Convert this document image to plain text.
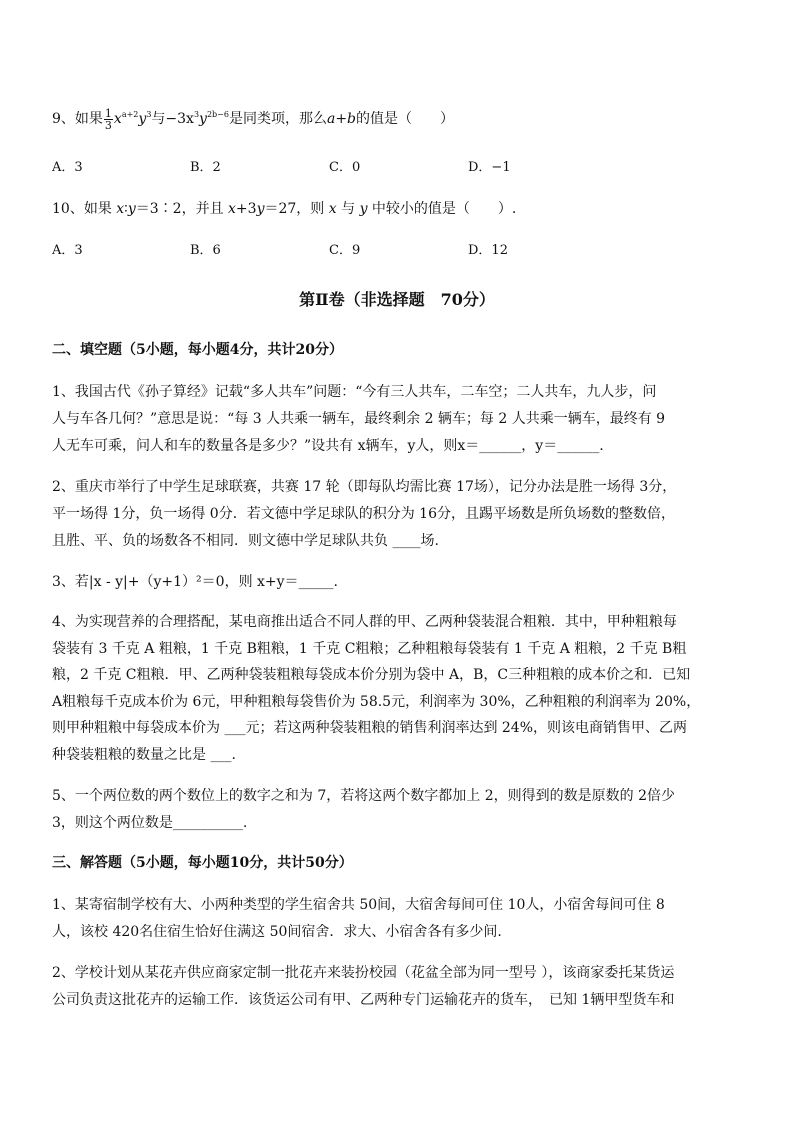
9、如果 $\frac{1}{3} x^{a+2}y^3$与$-3x^3y^{2b-6}$是同类项，那么a+b的值是（　　）
A．3	B．2	C．0	D．−1
10、如果 x∶y＝3∶2，并且 x+3y＝27，则 x 与 y 中较小的值是（　　）.
A．3	B．6	C．9	D．12
第Ⅱ卷（非选择题　70分）
二、填空题（5小题，每小题4分，共计20分）
1、我国古代《孙子算经》记载“多人共车”问题：“今有三人共车，二车空；二人共车，九人步，问
人与车各几何？”意思是说：“每 3 人共乘一辆车，最终剩余 2 辆车；每 2 人共乘一辆车，最终有 9
人无车可乘，问人和车的数量各是多少？”设共有 x辆车，y人，则x＝______，y＝______.
2、重庆市举行了中学生足球联赛，共赛 17 轮（即每队均需比赛 17场），记分办法是胜一场得 3分，
平一场得 1分，负一场得 0分．若文德中学足球队的积分为 16分，且踢平场数是所负场数的整数倍，
且胜、平、负的场数各不相同．则文德中学足球队共负 ____场.
3、若|x - y|+（y+1）²＝0，则 x+y＝_____.
4、为实现营养的合理搭配，某电商推出适合不同人群的甲、乙两种袋装混合粗粮．其中，甲种粗粮每
袋装有 3 千克 A 粗粮，1 千克 B粗粮，1 千克 C粗粮；乙种粗粮每袋装有 1 千克 A 粗粮，2 千克 B粗
粮，2 千克 C粗粮．甲、乙两种袋装粗粮每袋成本价分别为袋中 A，B，C三种粗粮的成本价之和．已知
A粗粮每千克成本价为 6元，甲种粗粮每袋售价为 58.5元，利润率为 30%，乙种粗粮的利润率为 20%，
则甲种粗粮中每袋成本价为 ___元；若这两种袋装粗粮的销售利润率达到 24%，则该电商销售甲、乙两
种袋装粗粮的数量之比是 ___.
5、一个两位数的两个数位上的数字之和为 7，若将这两个数字都加上 2，则得到的数是原数的 2倍少
3，则这个两位数是__________.
三、解答题（5小题，每小题10分，共计50分）
1、某寄宿制学校有大、小两种类型的学生宿舍共 50间，大宿舍每间可住 10人，小宿舍每间可住 8
人，该校 420名住宿生恰好住满这 50间宿舍．求大、小宿舍各有多少间.
2、学校计划从某花卉供应商家定制一批花卉来装扮校园（花盆全部为同一型号 ），该商家委托某货运
公司负责这批花卉的运输工作．该货运公司有甲、乙两种专门运输花卉的货车，　已知 1辆甲型货车和
